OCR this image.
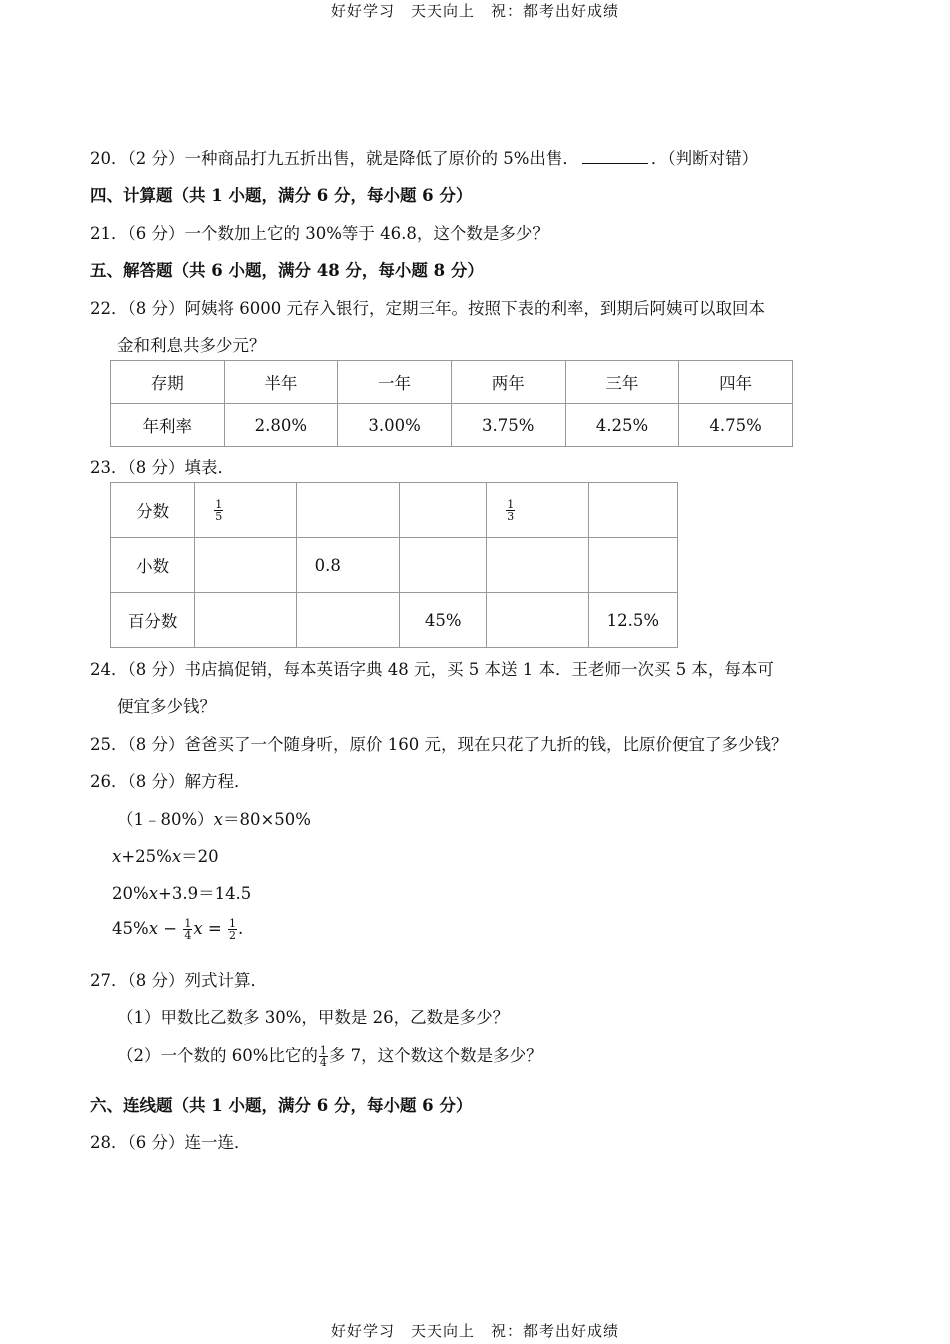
好好学习　天天向上　祝：都考出好成绩
20．（2 分）一种商品打九五折出售，就是降低了原价的 5%出售．	．（判断对错）
四、计算题（共 1 小题，满分 6 分，每小题 6 分）
21．（6 分）一个数加上它的 30%等于 46.8，这个数是多少？
五、解答题（共 6 小题，满分 48 分，每小题 8 分）
22．（8 分）阿姨将 6000 元存入银行，定期三年。按照下表的利率，到期后阿姨可以取回本
金和利息共多少元？
存期	半年	一年	两年	三年	四年
年利率	2.80%	3.00%	3.75%	4.25%	4.75%
23．（8 分）填表．
分数	$\frac{1}{5}$			$\frac{1}{3}$

小数		0.8			
百分数			45%		12.5%
24．（8 分）书店搞促销，每本英语字典 48 元，买 5 本送 1 本．王老师一次买 5 本，每本可
便宜多少钱？
25．（8 分）爸爸买了一个随身听，原价 160 元，现在只花了九折的钱，比原价便宜了多少钱？
26．（8 分）解方程．
（1﹣80%）x＝80×50%
x+25%x＝20
20%x+3.9＝14.5
$45\%x - \frac{1}{4}$ $x = \frac{1}{2}$ .
27．（8 分）列式计算．
（1）甲数比乙数多 30%，甲数是 26，乙数是多少？
（2）一个数的 60%比它的 $\frac{1}{4}$ 多 7，这个数这个数是多少？
六、连线题（共 1 小题，满分 6 分，每小题 6 分）
28．（6 分）连一连．
好好学习　天天向上　祝：都考出好成绩
